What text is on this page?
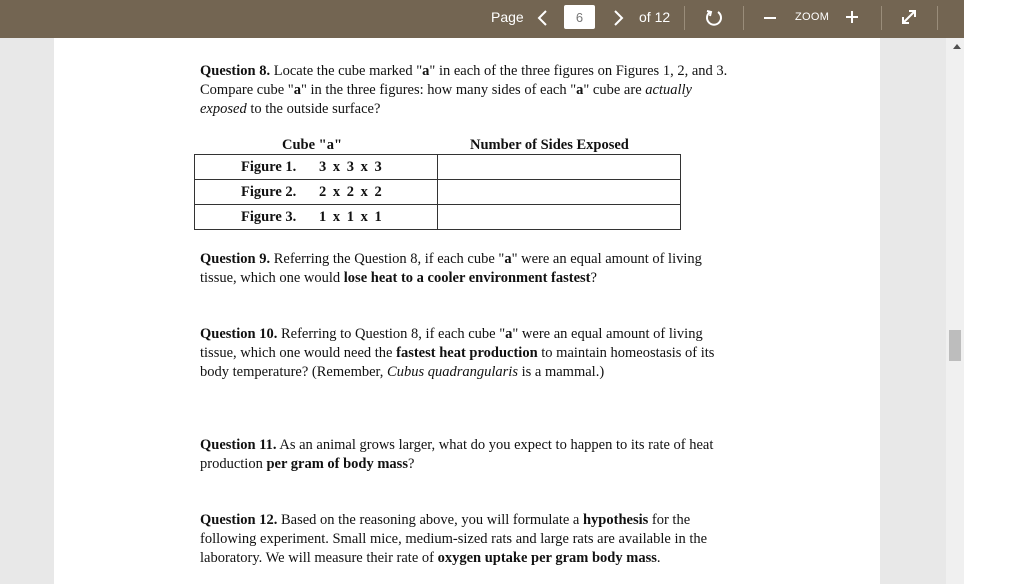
Page
6	of 12	ZOOM

Question 8. Locate the cube marked "a" in each of the three figures on Figures 1, 2, and 3. Compare cube "a" in the three figures: how many sides of each "a" cube are actually exposed to the outside surface?

Cube "a"	Number of Sides Exposed
Figure 1. 3 x 3 x 3	
Figure 2. 2 x 2 x 2	
Figure 3. 1 x 1 x 1	

Question 9. Referring the Question 8, if each cube "a" were an equal amount of living tissue, which one would lose heat to a cooler environment fastest?

Question 10. Referring to Question 8, if each cube "a" were an equal amount of living tissue, which one would need the fastest heat production to maintain homeostasis of its body temperature? (Remember, Cubus quadrangularis is a mammal.)

Question 11. As an animal grows larger, what do you expect to happen to its rate of heat production per gram of body mass?

Question 12. Based on the reasoning above, you will formulate a hypothesis for the following experiment. Small mice, medium-sized rats and large rats are available in the laboratory. We will measure their rate of oxygen uptake per gram body mass.
